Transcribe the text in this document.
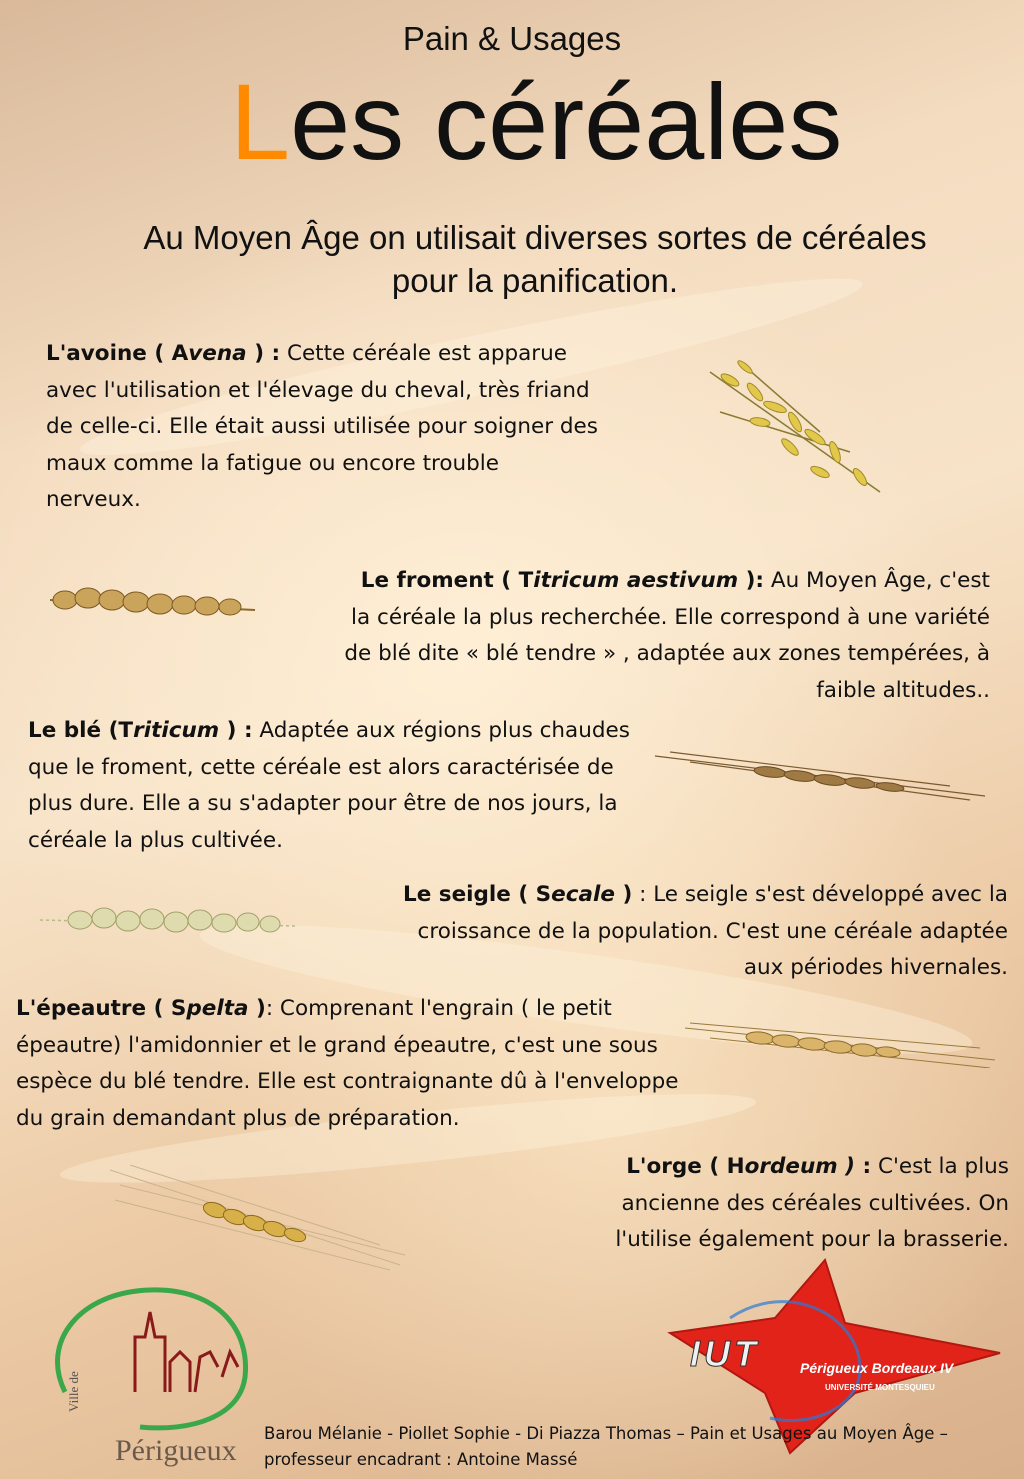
Pain & Usages
Les céréales
Au Moyen Âge on utilisait diverses sortes de céréales pour la panification.
L'avoine ( Avena ) : Cette céréale est apparue avec l'utilisation et l'élevage du cheval, très friand de celle-ci. Elle était aussi utilisée pour soigner des maux comme la fatigue ou encore trouble nerveux.
Le froment ( Titricum aestivum ): Au Moyen Âge, c'est la céréale la plus recherchée. Elle correspond à une variété de blé dite « blé tendre » , adaptée aux zones tempérées, à faible altitudes..
Le blé (Triticum ) : Adaptée aux régions plus chaudes que le froment, cette céréale est alors caractérisée de plus dure. Elle a su s'adapter pour être de nos jours, la céréale la plus cultivée.
Le seigle ( Secale ) : Le seigle s'est développé avec la croissance de la population. C'est une céréale adaptée aux périodes hivernales.
L'épeautre ( Spelta ): Comprenant l'engrain ( le petit épeautre) l'amidonnier et le grand épeautre, c'est une sous espèce du blé tendre. Elle est contraignante dû à l'enveloppe du grain demandant plus de préparation.
L'orge ( Hordeum ) : C'est la plus ancienne des céréales cultivées. On l'utilise également pour la brasserie.
Ville de
Périgueux
IUT	Périgueux Bordeaux IV
UNIVERSITÉ MONTESQUIEU
Barou Mélanie - Piollet Sophie - Di Piazza Thomas – Pain et Usages au Moyen Âge – professeur encadrant : Antoine Massé
